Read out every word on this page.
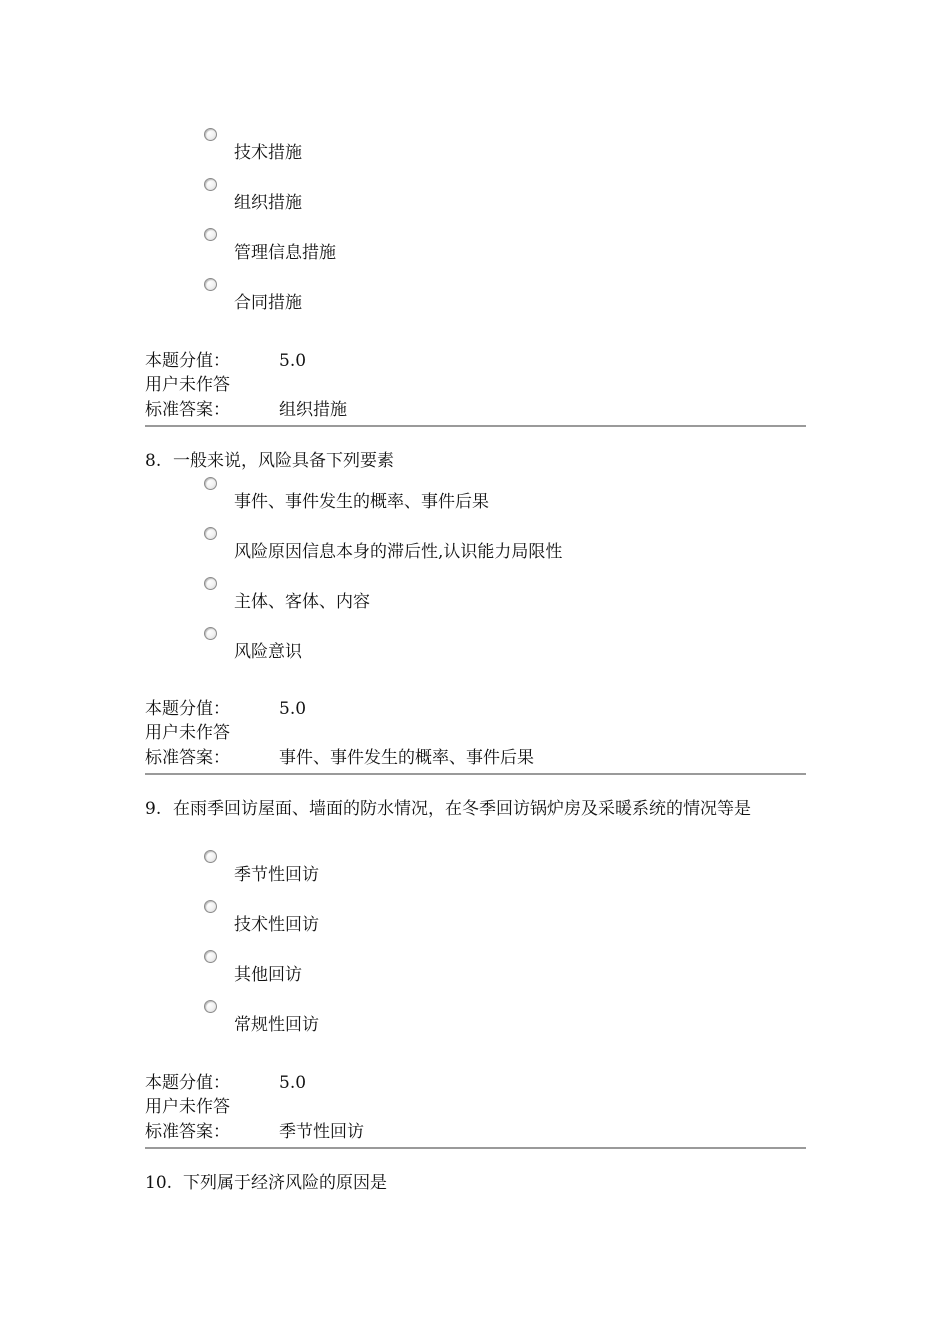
技术措施
组织措施
管理信息措施
合同措施
本题分值：	5.0
用户未作答
标准答案：	组织措施
8. 一般来说，风险具备下列要素
事件、事件发生的概率、事件后果
风险原因信息本身的滞后性,认识能力局限性
主体、客体、内容
风险意识
本题分值：	5.0
用户未作答
标准答案：	事件、事件发生的概率、事件后果
9. 在雨季回访屋面、墙面的防水情况，在冬季回访锅炉房及采暖系统的情况等是
季节性回访
技术性回访
其他回访
常规性回访
本题分值：	5.0
用户未作答
标准答案：	季节性回访
10. 下列属于经济风险的原因是
